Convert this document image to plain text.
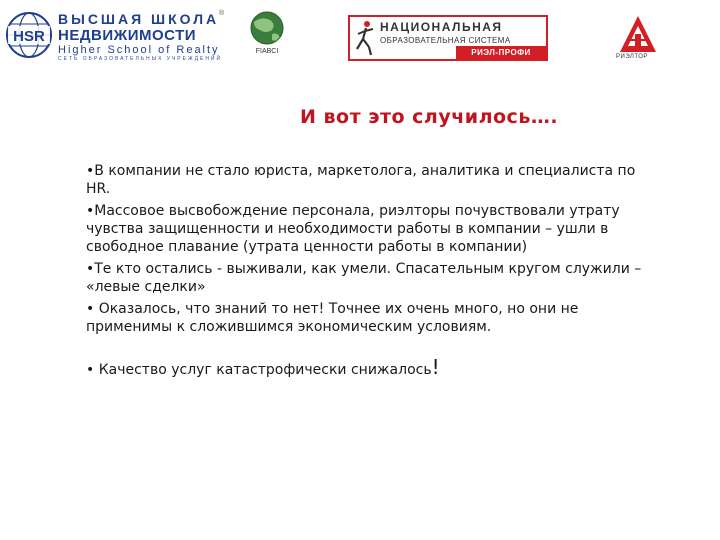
HSR
ВЫСШАЯ ШКОЛА
НЕДВИЖИМОСТИ
Higher School of Realty
СЕТЬ ОБРАЗОВАТЕЛЬНЫХ УЧРЕЖДЕНИЙ
®
FIABCI
НАЦИОНАЛЬНАЯ
ОБРАЗОВАТЕЛЬНАЯ СИСТЕМА
РИЭЛ-ПРОФИ	РИЭЛТОР
И вот это случилось….

•В компании не стало юриста, маркетолога, аналитика и специалиста по HR.

•Массовое высвобождение персонала, риэлторы почувствовали утрату чувства защищенности и необходимости работы в компании – ушли в свободное плавание (утрата ценности работы в компании)

•Те кто остались - выживали, как умели. Спасательным кругом служили – «левые сделки»

• Оказалось, что знаний то нет! Точнее их очень много, но они не применимы к сложившимся экономическим условиям.

• Качество услуг катастрофически снижалось!
